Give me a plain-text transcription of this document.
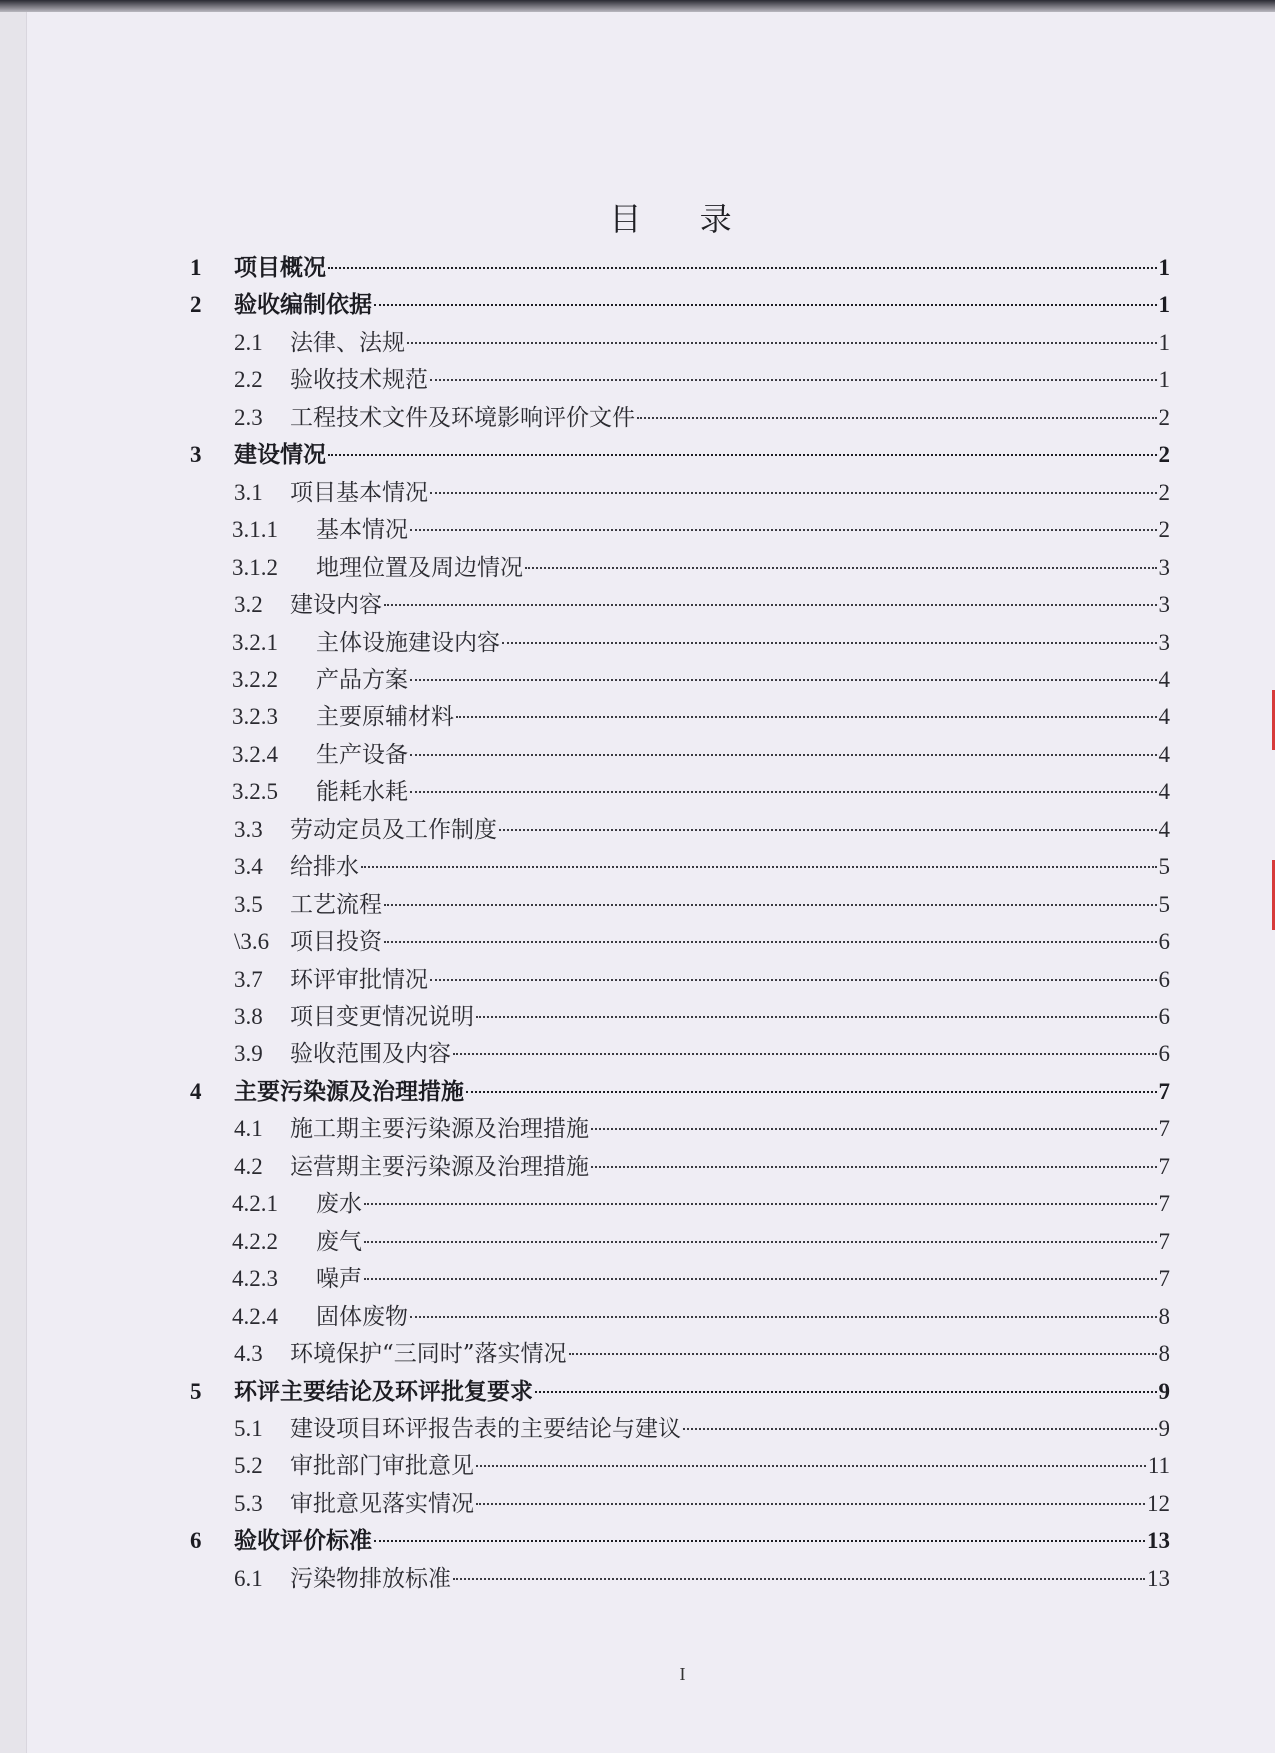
目 录
1	项目概况	1
2	验收编制依据	1
2.1	法律、法规	1
2.2	验收技术规范	1
2.3	工程技术文件及环境影响评价文件	2
3	建设情况	2
3.1	项目基本情况	2
3.1.1	基本情况	2
3.1.2	地理位置及周边情况	3
3.2	建设内容	3
3.2.1	主体设施建设内容	3
3.2.2	产品方案	4
3.2.3	主要原辅材料	4
3.2.4	生产设备	4
3.2.5	能耗水耗	4
3.3	劳动定员及工作制度	4
3.4	给排水	5
3.5	工艺流程	5
\3.6 项目投资	6
3.7	环评审批情况	6
3.8	项目变更情况说明	6
3.9	验收范围及内容	6
4	主要污染源及治理措施	7
4.1	施工期主要污染源及治理措施	7
4.2	运营期主要污染源及治理措施	7
4.2.1	废水	7
4.2.2	废气	7
4.2.3	噪声	7
4.2.4	固体废物	8
4.3	环境保护“三同时”落实情况	8
5	环评主要结论及环评批复要求	9
5.1	建设项目环评报告表的主要结论与建议	9
5.2	审批部门审批意见	11
5.3	审批意见落实情况	12
6	验收评价标准	13
6.1	污染物排放标准	13
I
